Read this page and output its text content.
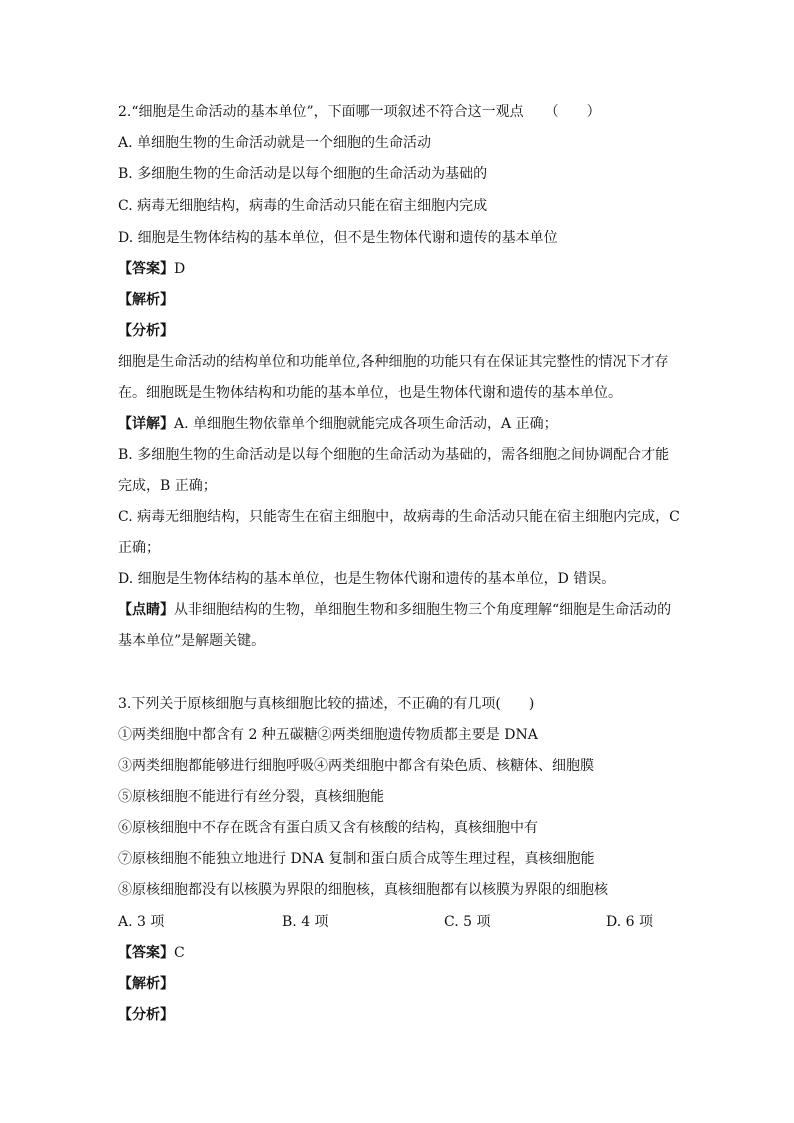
2.“细胞是生命活动的基本单位”，下面哪一项叙述不符合这一观点　　（　　）
A. 单细胞生物的生命活动就是一个细胞的生命活动
B. 多细胞生物的生命活动是以每个细胞的生命活动为基础的
C. 病毒无细胞结构，病毒的生命活动只能在宿主细胞内完成
D. 细胞是生物体结构的基本单位，但不是生物体代谢和遗传的基本单位
【答案】D
【解析】
【分析】
细胞是生命活动的结构单位和功能单位,各种细胞的功能只有在保证其完整性的情况下才存
在。细胞既是生物体结构和功能的基本单位，也是生物体代谢和遗传的基本单位。
【详解】A. 单细胞生物依靠单个细胞就能完成各项生命活动，A 正确；
B. 多细胞生物的生命活动是以每个细胞的生命活动为基础的，需各细胞之间协调配合才能
完成，B 正确；
C. 病毒无细胞结构，只能寄生在宿主细胞中，故病毒的生命活动只能在宿主细胞内完成，C
正确；
D. 细胞是生物体结构的基本单位，也是生物体代谢和遗传的基本单位，D 错误。
【点睛】从非细胞结构的生物，单细胞生物和多细胞生物三个角度理解“细胞是生命活动的
基本单位”是解题关键。
3.下列关于原核细胞与真核细胞比较的描述，不正确的有几项(　　)
①两类细胞中都含有 2 种五碳糖②两类细胞遗传物质都主要是 DNA
③两类细胞都能够进行细胞呼吸④两类细胞中都含有染色质、核糖体、细胞膜
⑤原核细胞不能进行有丝分裂，真核细胞能
⑥原核细胞中不存在既含有蛋白质又含有核酸的结构，真核细胞中有
⑦原核细胞不能独立地进行 DNA 复制和蛋白质合成等生理过程，真核细胞能
⑧原核细胞都没有以核膜为界限的细胞核，真核细胞都有以核膜为界限的细胞核
A. 3 项	B. 4 项	C. 5 项	D. 6 项
【答案】C
【解析】
【分析】
